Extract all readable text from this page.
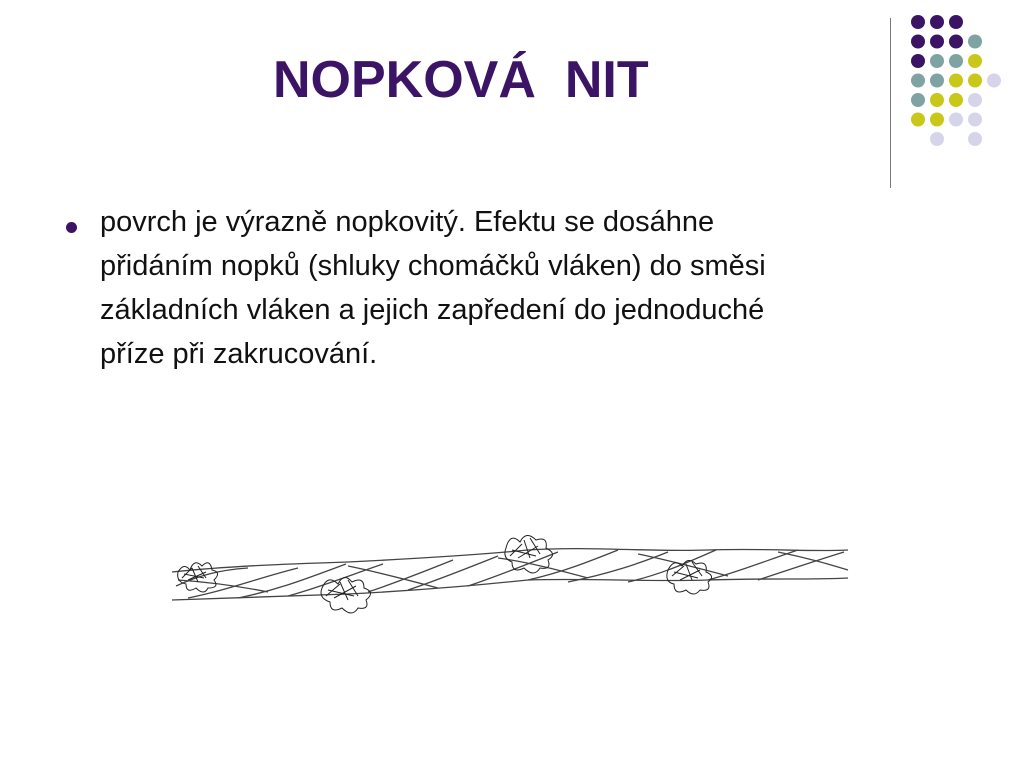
NOPKOVÁ  NIT
povrch je výrazně nopkovitý. Efektu se dosáhne
přidáním nopků (shluky chomáčků vláken) do směsi
základních vláken a jejich zapředení do jednoduché
příze při zakrucování.
